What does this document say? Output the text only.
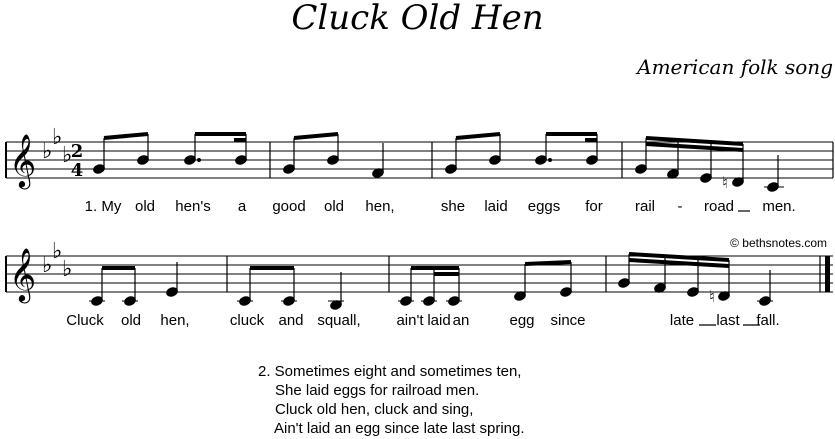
Cluck Old Hen
American folk song
© bethsnotes.com
𝄞 ♭
♭
♭
2
4
♮
𝄞 ♭
♭
♭
♮
1. My old hen's a good old hen,	she laid eggs for rail - road men.
Cluck old hen,	cluck and squall, ain't laid an	egg since	late last fall.
2. Sometimes eight and sometimes ten,
She laid eggs for railroad men.
Cluck old hen, cluck and sing,
Ain't laid an egg since late last spring.
